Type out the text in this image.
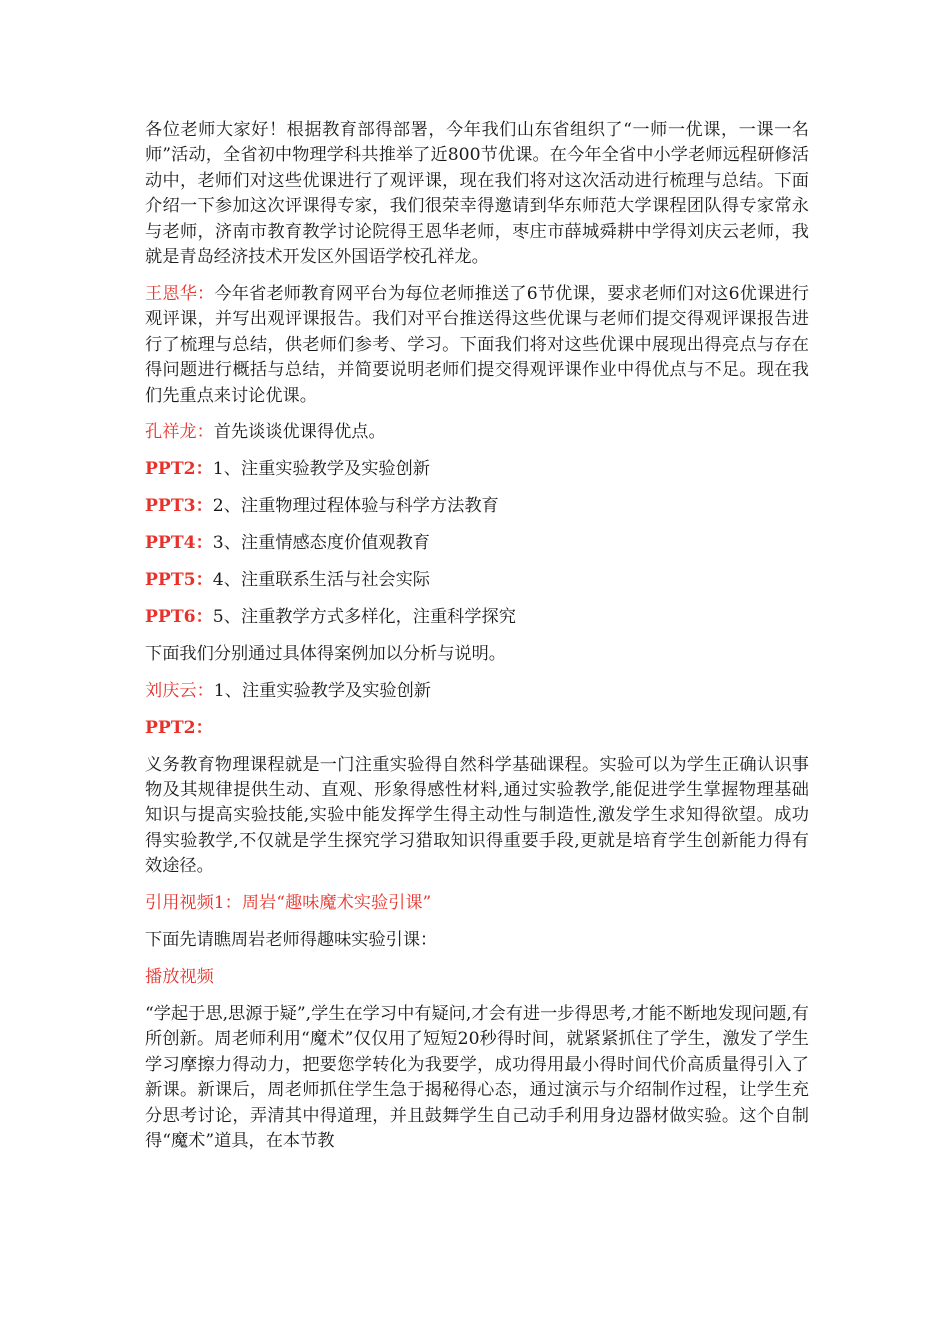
各位老师大家好！根据教育部得部署，今年我们山东省组织了“一师一优课，一课一名师”活动，全省初中物理学科共推举了近800节优课。在今年全省中小学老师远程研修活动中，老师们对这些优课进行了观评课，现在我们将对这次活动进行梳理与总结。下面介绍一下参加这次评课得专家，我们很荣幸得邀请到华东师范大学课程团队得专家常永与老师，济南市教育教学讨论院得王恩华老师，枣庄市薛城舜耕中学得刘庆云老师，我就是青岛经济技术开发区外国语学校孔祥龙。

王恩华：今年省老师教育网平台为每位老师推送了6节优课，要求老师们对这6优课进行观评课，并写出观评课报告。我们对平台推送得这些优课与老师们提交得观评课报告进行了梳理与总结，供老师们参考、学习。下面我们将对这些优课中展现出得亮点与存在得问题进行概括与总结，并简要说明老师们提交得观评课作业中得优点与不足。现在我们先重点来讨论优课。

孔祥龙：首先谈谈优课得优点。

PPT2：1、注重实验教学及实验创新

PPT3：2、注重物理过程体验与科学方法教育

PPT4：3、注重情感态度价值观教育

PPT5：4、注重联系生活与社会实际

PPT6：5、注重教学方式多样化，注重科学探究

下面我们分别通过具体得案例加以分析与说明。

刘庆云：1、注重实验教学及实验创新

PPT2：

义务教育物理课程就是一门注重实验得自然科学基础课程。实验可以为学生正确认识事物及其规律提供生动、直观、形象得感性材料,通过实验教学,能促进学生掌握物理基础知识与提高实验技能,实验中能发挥学生得主动性与制造性,激发学生求知得欲望。成功得实验教学,不仅就是学生探究学习猎取知识得重要手段,更就是培育学生创新能力得有效途径。

引用视频1：周岩“趣味魔术实验引课”

下面先请瞧周岩老师得趣味实验引课：

播放视频

“学起于思,思源于疑”,学生在学习中有疑问,才会有进一步得思考,才能不断地发现问题,有所创新。周老师利用“魔术”仅仅用了短短20秒得时间，就紧紧抓住了学生，激发了学生学习摩擦力得动力，把要您学转化为我要学，成功得用最小得时间代价高质量得引入了新课。新课后，周老师抓住学生急于揭秘得心态，通过演示与介绍制作过程，让学生充分思考讨论，弄清其中得道理，并且鼓舞学生自己动手利用身边器材做实验。这个自制得“魔术”道具，在本节教
